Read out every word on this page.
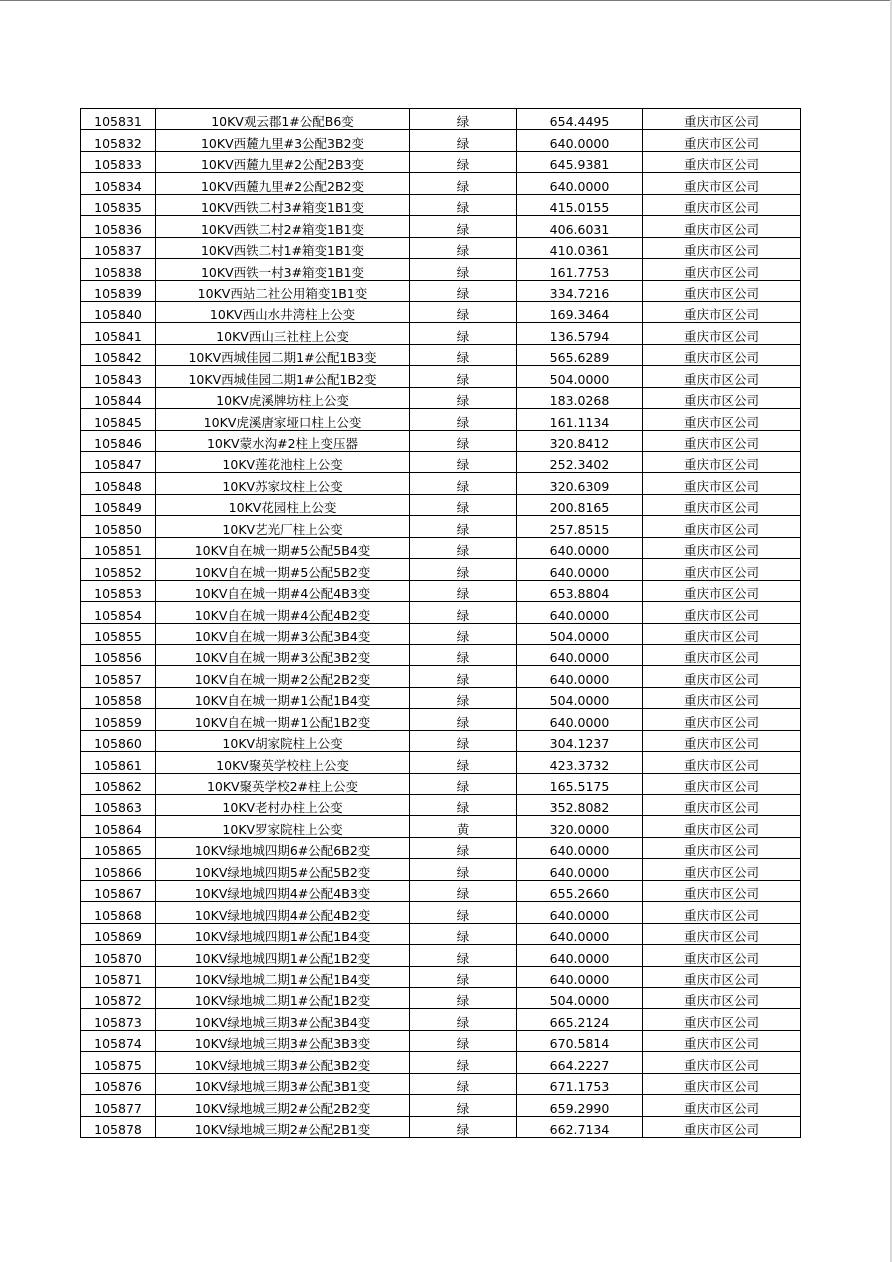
105831	10KV观云郡1#公配B6变	绿	654.4495	重庆市区公司
105832	10KV西麓九里#3公配3B2变	绿	640.0000	重庆市区公司
105833	10KV西麓九里#2公配2B3变	绿	645.9381	重庆市区公司
105834	10KV西麓九里#2公配2B2变	绿	640.0000	重庆市区公司
105835	10KV西铁二村3#箱变1B1变	绿	415.0155	重庆市区公司
105836	10KV西铁二村2#箱变1B1变	绿	406.6031	重庆市区公司
105837	10KV西铁二村1#箱变1B1变	绿	410.0361	重庆市区公司
105838	10KV西铁一村3#箱变1B1变	绿	161.7753	重庆市区公司
105839	10KV西站二社公用箱变1B1变	绿	334.7216	重庆市区公司
105840	10KV西山水井湾柱上公变	绿	169.3464	重庆市区公司
105841	10KV西山三社柱上公变	绿	136.5794	重庆市区公司
105842	10KV西城佳园二期1#公配1B3变	绿	565.6289	重庆市区公司
105843	10KV西城佳园二期1#公配1B2变	绿	504.0000	重庆市区公司
105844	10KV虎溪牌坊柱上公变	绿	183.0268	重庆市区公司
105845	10KV虎溪唐家垭口柱上公变	绿	161.1134	重庆市区公司
105846	10KV蒙水沟#2柱上变压器	绿	320.8412	重庆市区公司
105847	10KV莲花池柱上公变	绿	252.3402	重庆市区公司
105848	10KV苏家坟柱上公变	绿	320.6309	重庆市区公司
105849	10KV花园柱上公变	绿	200.8165	重庆市区公司
105850	10KV艺光厂柱上公变	绿	257.8515	重庆市区公司
105851	10KV自在城一期#5公配5B4变	绿	640.0000	重庆市区公司
105852	10KV自在城一期#5公配5B2变	绿	640.0000	重庆市区公司
105853	10KV自在城一期#4公配4B3变	绿	653.8804	重庆市区公司
105854	10KV自在城一期#4公配4B2变	绿	640.0000	重庆市区公司
105855	10KV自在城一期#3公配3B4变	绿	504.0000	重庆市区公司
105856	10KV自在城一期#3公配3B2变	绿	640.0000	重庆市区公司
105857	10KV自在城一期#2公配2B2变	绿	640.0000	重庆市区公司
105858	10KV自在城一期#1公配1B4变	绿	504.0000	重庆市区公司
105859	10KV自在城一期#1公配1B2变	绿	640.0000	重庆市区公司
105860	10KV胡家院柱上公变	绿	304.1237	重庆市区公司
105861	10KV聚英学校柱上公变	绿	423.3732	重庆市区公司
105862	10KV聚英学校2#柱上公变	绿	165.5175	重庆市区公司
105863	10KV老村办柱上公变	绿	352.8082	重庆市区公司
105864	10KV罗家院柱上公变	黄	320.0000	重庆市区公司
105865	10KV绿地城四期6#公配6B2变	绿	640.0000	重庆市区公司
105866	10KV绿地城四期5#公配5B2变	绿	640.0000	重庆市区公司
105867	10KV绿地城四期4#公配4B3变	绿	655.2660	重庆市区公司
105868	10KV绿地城四期4#公配4B2变	绿	640.0000	重庆市区公司
105869	10KV绿地城四期1#公配1B4变	绿	640.0000	重庆市区公司
105870	10KV绿地城四期1#公配1B2变	绿	640.0000	重庆市区公司
105871	10KV绿地城二期1#公配1B4变	绿	640.0000	重庆市区公司
105872	10KV绿地城二期1#公配1B2变	绿	504.0000	重庆市区公司
105873	10KV绿地城三期3#公配3B4变	绿	665.2124	重庆市区公司
105874	10KV绿地城三期3#公配3B3变	绿	670.5814	重庆市区公司
105875	10KV绿地城三期3#公配3B2变	绿	664.2227	重庆市区公司
105876	10KV绿地城三期3#公配3B1变	绿	671.1753	重庆市区公司
105877	10KV绿地城三期2#公配2B2变	绿	659.2990	重庆市区公司
105878	10KV绿地城三期2#公配2B1变	绿	662.7134	重庆市区公司
